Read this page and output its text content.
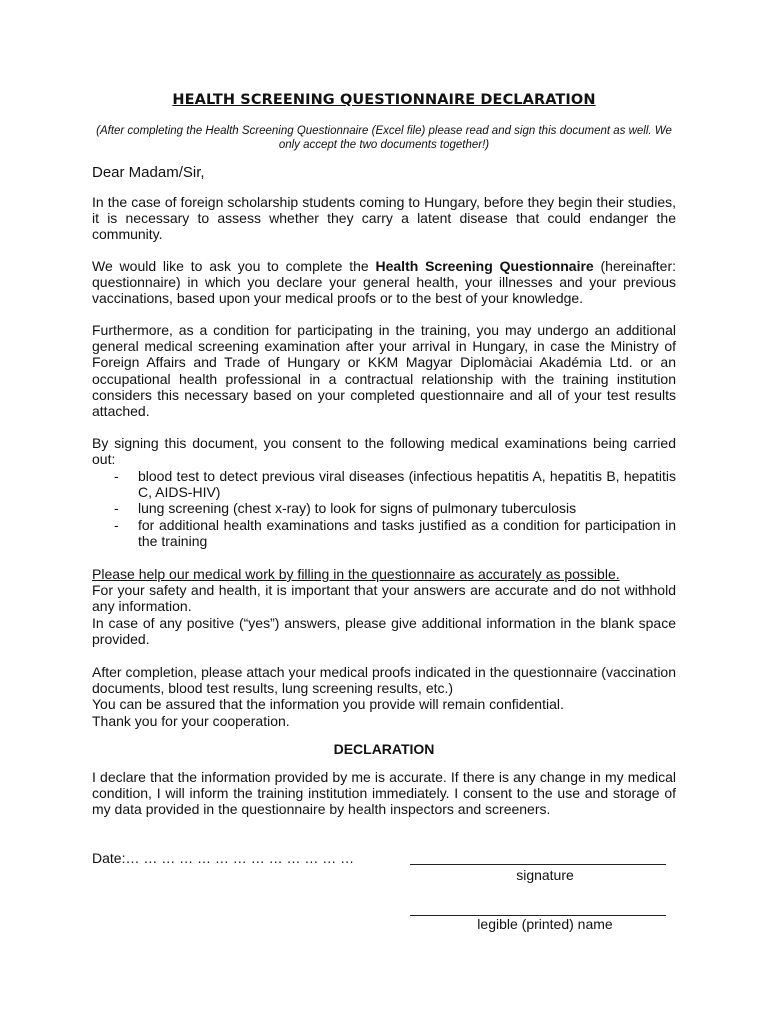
HEALTH SCREENING QUESTIONNAIRE DECLARATION
(After completing the Health Screening Questionnaire (Excel file) please read and sign this document as well. We only accept the two documents together!)
Dear Madam/Sir,
In the case of foreign scholarship students coming to Hungary, before they begin their studies, it is necessary to assess whether they carry a latent disease that could endanger the community.
We would like to ask you to complete the Health Screening Questionnaire (hereinafter: questionnaire) in which you declare your general health, your illnesses and your previous vaccinations, based upon your medical proofs or to the best of your knowledge.
Furthermore, as a condition for participating in the training, you may undergo an additional general medical screening examination after your arrival in Hungary, in case the Ministry of Foreign Affairs and Trade of Hungary or KKM Magyar Diplomàciai Akadémia Ltd. or an occupational health professional in a contractual relationship with the training institution considers this necessary based on your completed questionnaire and all of your test results attached.
By signing this document, you consent to the following medical examinations being carried out:
- blood test to detect previous viral diseases (infectious hepatitis A, hepatitis B, hepatitis C, AIDS-HIV)
- lung screening (chest x-ray) to look for signs of pulmonary tuberculosis
- for additional health examinations and tasks justified as a condition for participation in the training
Please help our medical work by filling in the questionnaire as accurately as possible.
For your safety and health, it is important that your answers are accurate and do not withhold any information.
In case of any positive (“yes”) answers, please give additional information in the blank space provided.
After completion, please attach your medical proofs indicated in the questionnaire (vaccination documents, blood test results, lung screening results, etc.)
You can be assured that the information you provide will remain confidential.
Thank you for your cooperation.
DECLARATION
I declare that the information provided by me is accurate. If there is any change in my medical condition, I will inform the training institution immediately. I consent to the use and storage of my data provided in the questionnaire by health inspectors and screeners.
Date:… … … … … … … … … … … … …
signature
legible (printed) name
